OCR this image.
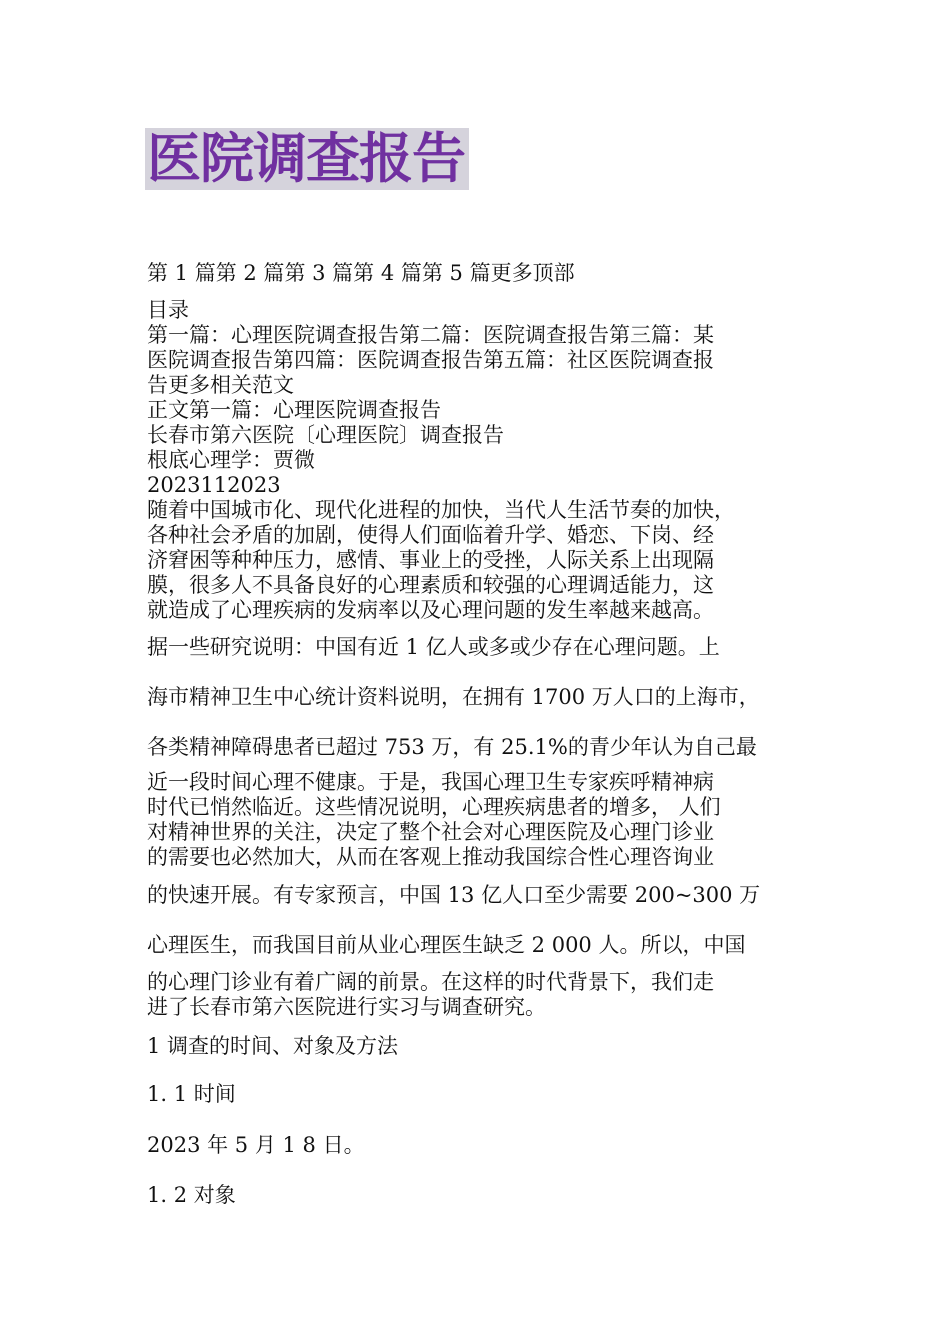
医院调查报告
第 1 篇第 2 篇第 3 篇第 4 篇第 5 篇更多顶部
目录
第一篇：心理医院调查报告第二篇：医院调查报告第三篇：某
医院调查报告第四篇：医院调查报告第五篇：社区医院调查报
告更多相关范文
正文第一篇：心理医院调查报告
长春市第六医院〔心理医院〕调查报告
根底心理学：贾微
2023112023
随着中国城市化、现代化进程的加快，当代人生活节奏的加快，
各种社会矛盾的加剧，使得人们面临着升学、婚恋、下岗、经
济窘困等种种压力，感情、事业上的受挫，人际关系上出现隔
膜，很多人不具备良好的心理素质和较强的心理调适能力，这
就造成了心理疾病的发病率以及心理问题的发生率越来越高。
据一些研究说明：中国有近 1 亿人或多或少存在心理问题。上
海市精神卫生中心统计资料说明，在拥有 1700 万人口的上海市，
各类精神障碍患者已超过 753 万，有 25.1%的青少年认为自己最
近一段时间心理不健康。于是，我国心理卫生专家疾呼精神病
时代已悄然临近。这些情况说明，心理疾病患者的增多， 人们
对精神世界的关注，决定了整个社会对心理医院及心理门诊业
的需要也必然加大，从而在客观上推动我国综合性心理咨询业
的快速开展。有专家预言，中国 13 亿人口至少需要 200~300 万
心理医生，而我国目前从业心理医生缺乏 2 000 人。所以，中国
的心理门诊业有着广阔的前景。在这样的时代背景下，我们走
进了长春市第六医院进行实习与调查研究。
1 调查的时间、对象及方法
1. 1 时间
2023 年 5 月 1 8 日。
1. 2 对象
